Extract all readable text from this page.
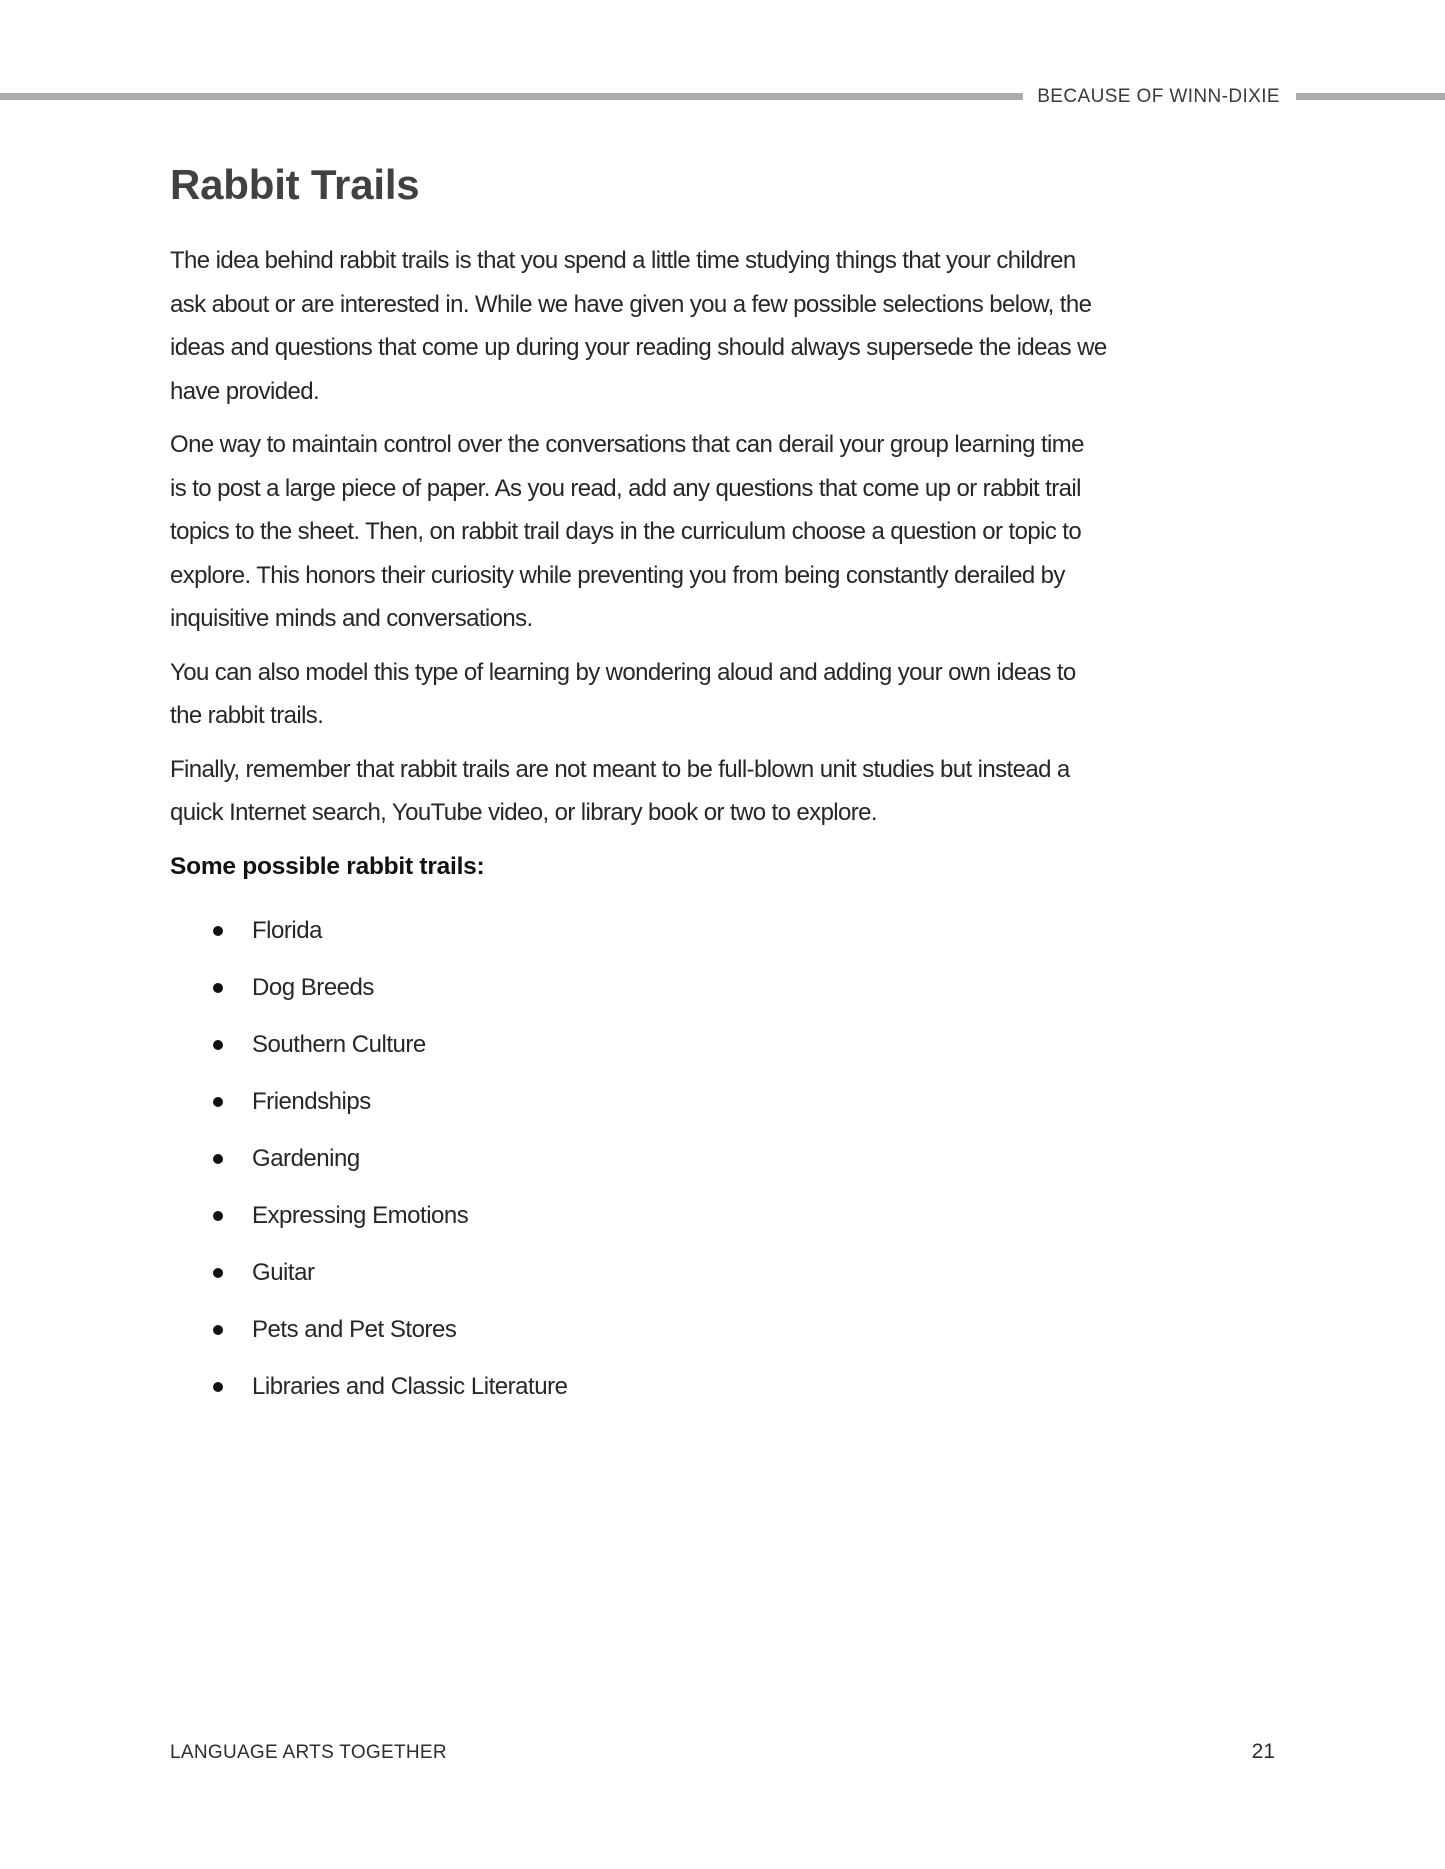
BECAUSE OF WINN-DIXIE
Rabbit Trails
The idea behind rabbit trails is that you spend a little time studying things that your children
ask about or are interested in. While we have given you a few possible selections below, the
ideas and questions that come up during your reading should always supersede the ideas we
have provided.
One way to maintain control over the conversations that can derail your group learning time
is to post a large piece of paper. As you read, add any questions that come up or rabbit trail
topics to the sheet. Then, on rabbit trail days in the curriculum choose a question or topic to
explore. This honors their curiosity while preventing you from being constantly derailed by
inquisitive minds and conversations.
You can also model this type of learning by wondering aloud and adding your own ideas to
the rabbit trails.
Finally, remember that rabbit trails are not meant to be full-blown unit studies but instead a
quick Internet search, YouTube video, or library book or two to explore.
Some possible rabbit trails:
Florida
Dog Breeds
Southern Culture
Friendships
Gardening
Expressing Emotions
Guitar
Pets and Pet Stores
Libraries and Classic Literature
LANGUAGE ARTS TOGETHER	21
